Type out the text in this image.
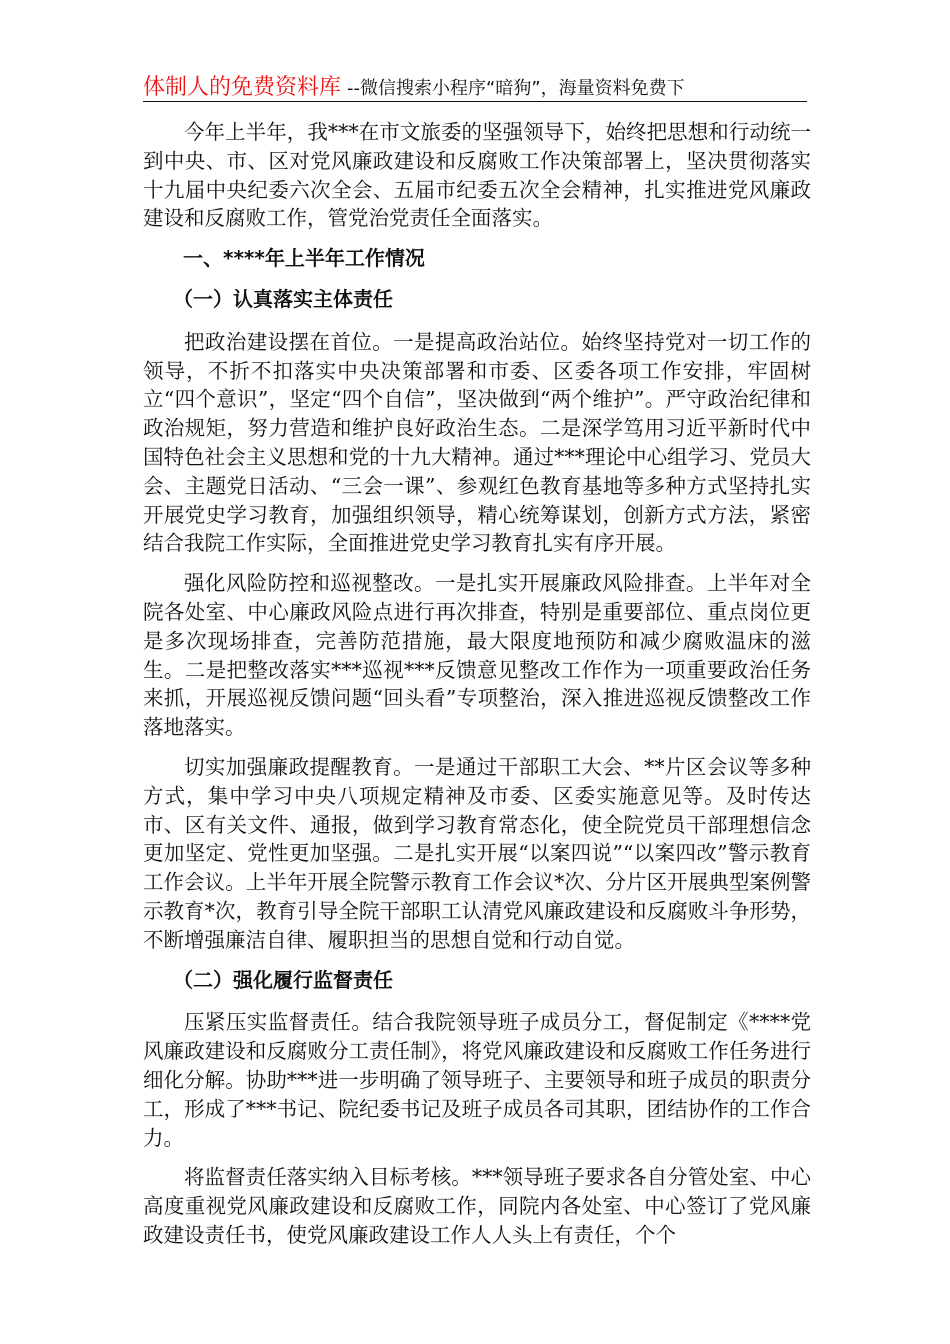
体制人的免费资料库 --微信搜索小程序“暗狗”，海量资料免费下

今年上半年，我***在市文旅委的坚强领导下，始终把思想和行动统一到中央、市、区对党风廉政建设和反腐败工作决策部署上，坚决贯彻落实十九届中央纪委六次全会、五届市纪委五次全会精神，扎实推进党风廉政建设和反腐败工作，管党治党责任全面落实。

一、****年上半年工作情况
（一）认真落实主体责任

把政治建设摆在首位。一是提高政治站位。始终坚持党对一切工作的领导，不折不扣落实中央决策部署和市委、区委各项工作安排，牢固树立“四个意识”，坚定“四个自信”，坚决做到“两个维护”。严守政治纪律和政治规矩，努力营造和维护良好政治生态。二是深学笃用习近平新时代中国特色社会主义思想和党的十九大精神。通过***理论中心组学习、党员大会、主题党日活动、“三会一课”、参观红色教育基地等多种方式坚持扎实开展党史学习教育，加强组织领导，精心统筹谋划，创新方式方法，紧密结合我院工作实际，全面推进党史学习教育扎实有序开展。

强化风险防控和巡视整改。一是扎实开展廉政风险排查。上半年对全院各处室、中心廉政风险点进行再次排查，特别是重要部位、重点岗位更是多次现场排查，完善防范措施，最大限度地预防和减少腐败温床的滋生。二是把整改落实***巡视***反馈意见整改工作作为一项重要政治任务来抓，开展巡视反馈问题“回头看”专项整治，深入推进巡视反馈整改工作落地落实。

切实加强廉政提醒教育。一是通过干部职工大会、**片区会议等多种方式，集中学习中央八项规定精神及市委、区委实施意见等。及时传达市、区有关文件、通报，做到学习教育常态化，使全院党员干部理想信念更加坚定、党性更加坚强。二是扎实开展“以案四说”“以案四改”警示教育工作会议。上半年开展全院警示教育工作会议*次、分片区开展典型案例警示教育*次，教育引导全院干部职工认清党风廉政建设和反腐败斗争形势，不断增强廉洁自律、履职担当的思想自觉和行动自觉。

（二）强化履行监督责任

压紧压实监督责任。结合我院领导班子成员分工，督促制定《****党风廉政建设和反腐败分工责任制》，将党风廉政建设和反腐败工作任务进行细化分解。协助***进一步明确了领导班子、主要领导和班子成员的职责分工，形成了***书记、院纪委书记及班子成员各司其职，团结协作的工作合力。

将监督责任落实纳入目标考核。***领导班子要求各自分管处室、中心高度重视党风廉政建设和反腐败工作，同院内各处室、中心签订了党风廉政建设责任书，使党风廉政建设工作人人头上有责任，个个
